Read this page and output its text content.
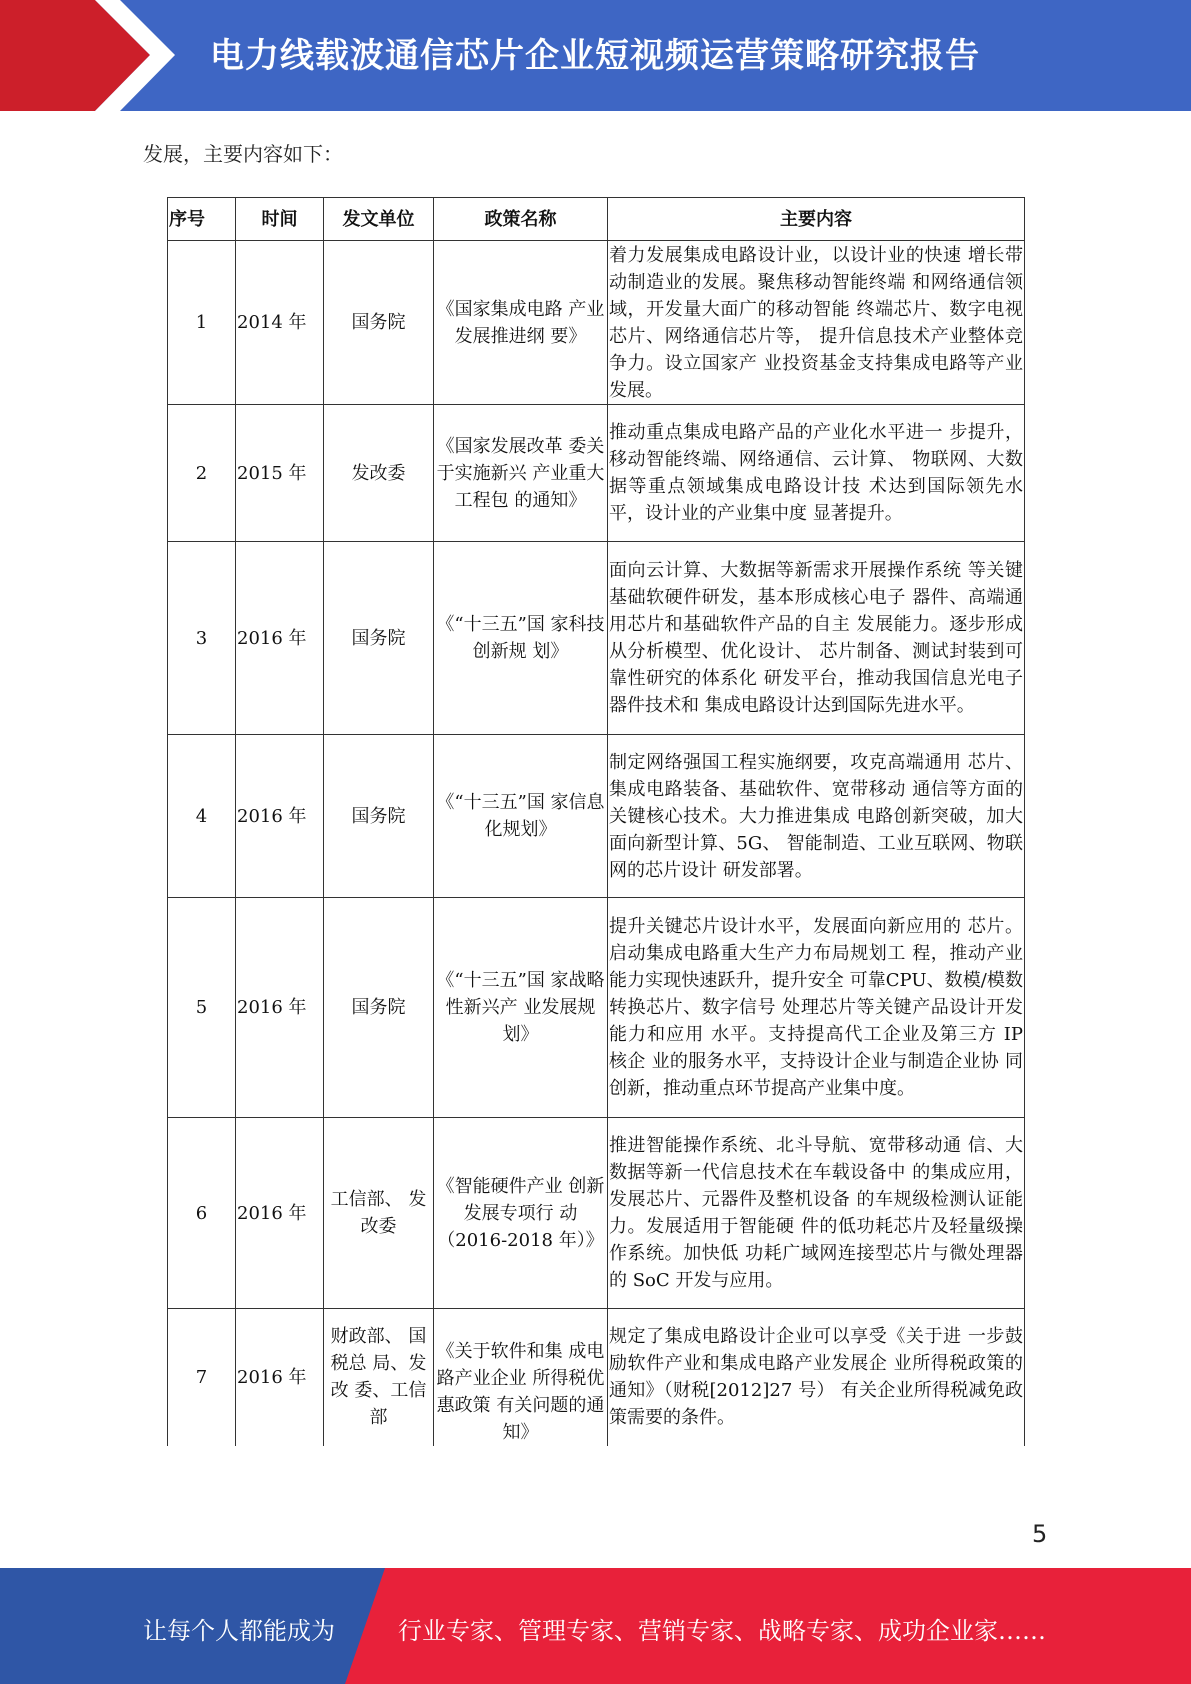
电力线载波通信芯片企业短视频运营策略研究报告
发展，主要内容如下：
序号	时间	发文单位	政策名称	主要内容
1	2014 年	国务院	《国家集成电路 产业发展推进纲 要》	着力发展集成电路设计业，以设计业的快速 增长带动制造业的发展。聚焦移动智能终端 和网络通信领域，开发量大面广的移动智能 终端芯片、数字电视芯片、网络通信芯片等， 提升信息技术产业整体竞争力。设立国家产 业投资基金支持集成电路等产业发展。
2	2015 年	发改委	《国家发展改革 委关于实施新兴 产业重大工程包 的通知》	推动重点集成电路产品的产业化水平进一 步提升，移动智能终端、网络通信、云计算、 物联网、大数据等重点领域集成电路设计技 术达到国际领先水平，设计业的产业集中度 显著提升。
3	2016 年	国务院	《“十三五”国 家科技创新规 划》	面向云计算、大数据等新需求开展操作系统 等关键基础软硬件研发，基本形成核心电子 器件、高端通用芯片和基础软件产品的自主 发展能力。逐步形成从分析模型、优化设计、 芯片制备、测试封装到可靠性研究的体系化 研发平台，推动我国信息光电子器件技术和 集成电路设计达到国际先进水平。
4	2016 年	国务院	《“十三五”国 家信息化规划》	制定网络强国工程实施纲要，攻克高端通用 芯片、集成电路装备、基础软件、宽带移动 通信等方面的关键核心技术。大力推进集成 电路创新突破，加大面向新型计算、5G、 智能制造、工业互联网、物联网的芯片设计 研发部署。
5	2016 年	国务院	《“十三五”国 家战略性新兴产 业发展规划》	提升关键芯片设计水平，发展面向新应用的 芯片。启动集成电路重大生产力布局规划工 程，推动产业能力实现快速跃升，提升安全 可靠CPU、数模/模数转换芯片、数字信号 处理芯片等关键产品设计开发能力和应用 水平。支持提高代工企业及第三方 IP 核企 业的服务水平，支持设计企业与制造企业协 同创新，推动重点环节提高产业集中度。
6	2016 年	工信部、 发改委	《智能硬件产业 创新发展专项行 动（2016-2018 年）》	推进智能操作系统、北斗导航、宽带移动通 信、大数据等新一代信息技术在车载设备中 的集成应用，发展芯片、元器件及整机设备 的车规级检测认证能力。发展适用于智能硬 件的低功耗芯片及轻量级操作系统。加快低 功耗广域网连接型芯片与微处理器的 SoC 开发与应用。
7	2016 年	财政部、 国税总 局、发改 委、工信 部	《关于软件和集 成电路产业企业 所得税优惠政策 有关问题的通 知》	规定了集成电路设计企业可以享受《关于进 一步鼓励软件产业和集成电路产业发展企 业所得税政策的通知》（财税[2012]27 号） 有关企业所得税减免政策需要的条件。
5
让每个人都能成为	行业专家、管理专家、营销专家、战略专家、成功企业家……
